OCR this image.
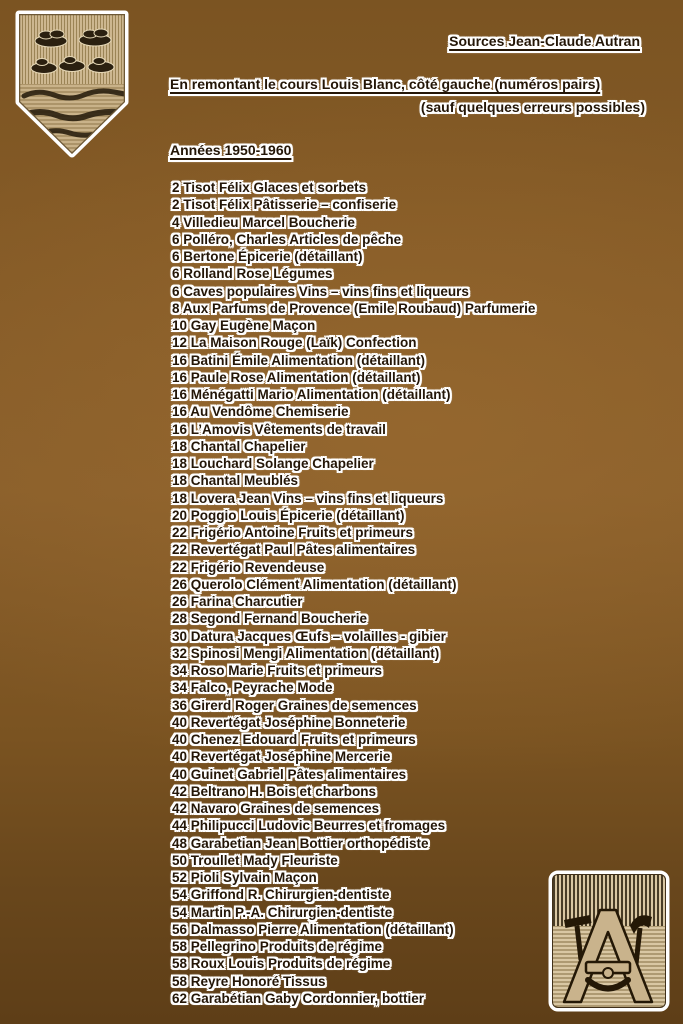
Sources Jean-Claude Autran
En remontant le cours Louis Blanc, côté gauche (numéros pairs)
(sauf quelques erreurs possibles)
Années 1950-1960
2 Tisot Félix Glaces et sorbets
2 Tisot Félix Pâtisserie – confiserie
4 Villedieu Marcel Boucherie
6 Polléro, Charles Articles de pêche
6 Bertone Épicerie (détaillant)
6 Rolland Rose Légumes
6 Caves populaires Vins – vins fins et liqueurs
8 Aux Parfums de Provence (Emile Roubaud) Parfumerie
10 Gay Eugène Maçon
12 La Maison Rouge (Laïk) Confection
16 Batini Émile Alimentation (détaillant)
16 Paule Rose Alimentation (détaillant)
16 Ménégatti Mario Alimentation (détaillant)
16 Au Vendôme Chemiserie
16 L’Amovis Vêtements de travail
18 Chantal Chapelier
18 Louchard Solange Chapelier
18 Chantal Meublés
18 Lovera Jean Vins – vins fins et liqueurs
20 Poggio Louis Épicerie (détaillant)
22 Frigério Antoine Fruits et primeurs
22 Revertégat Paul Pâtes alimentaires
22 Frigério Revendeuse
26 Querolo Clément Alimentation (détaillant)
26 Farina Charcutier
28 Segond Fernand Boucherie
30 Datura Jacques Œufs – volailles - gibier
32 Spinosi Mengi Alimentation (détaillant)
34 Roso Marie Fruits et primeurs
34 Falco, Peyrache Mode
36 Girerd Roger Graines de semences
40 Revertégat Joséphine Bonneterie
40 Chenez Edouard Fruits et primeurs
40 Revertégat Joséphine Mercerie
40 Guinet Gabriel Pâtes alimentaires
42 Beltrano H. Bois et charbons
42 Navaro Graines de semences
44 Philipucci Ludovic Beurres et fromages
48 Garabetian Jean Bottier orthopédiste
50 Troullet Mady Fleuriste
52 Pioli Sylvain Maçon
54 Griffond R. Chirurgien-dentiste
54 Martin P.-A. Chirurgien-dentiste
56 Dalmasso Pierre Alimentation (détaillant)
58 Pellegrino Produits de régime
58 Roux Louis Produits de régime
58 Reyre Honoré Tissus
62 Garabétian Gaby Cordonnier, bottier
